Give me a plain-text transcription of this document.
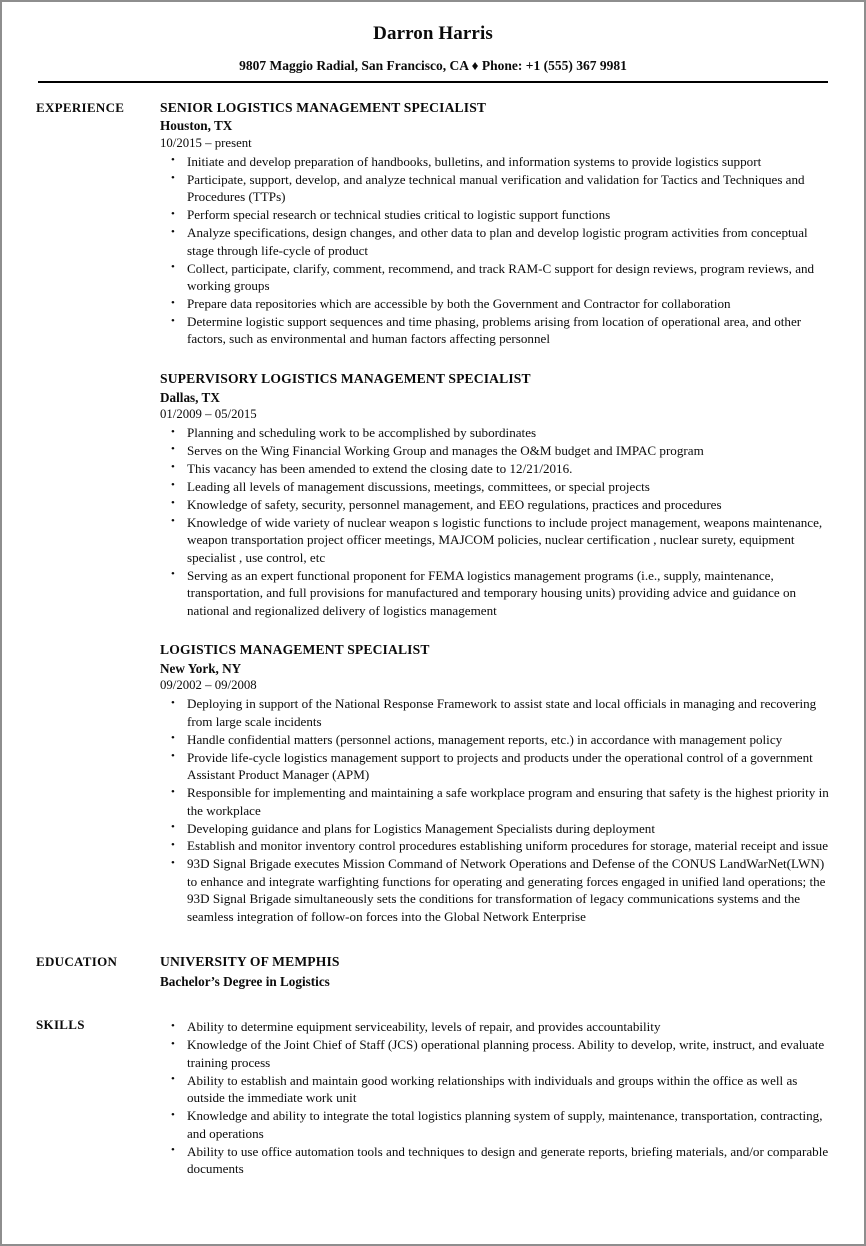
Darron Harris
9807 Maggio Radial, San Francisco, CA ♦ Phone: +1 (555) 367 9981
EXPERIENCE	SENIOR LOGISTICS MANAGEMENT SPECIALIST
Houston, TX
10/2015 – present
• Initiate and develop preparation of handbooks, bulletins, and information systems to provide logistics support
• Participate, support, develop, and analyze technical manual verification and validation for Tactics and Techniques and Procedures (TTPs)
• Perform special research or technical studies critical to logistic support functions
• Analyze specifications, design changes, and other data to plan and develop logistic program activities from conceptual stage through life-cycle of product
• Collect, participate, clarify, comment, recommend, and track RAM-C support for design reviews, program reviews, and working groups
• Prepare data repositories which are accessible by both the Government and Contractor for collaboration
• Determine logistic support sequences and time phasing, problems arising from location of operational area, and other factors, such as environmental and human factors affecting personnel
SUPERVISORY LOGISTICS MANAGEMENT SPECIALIST
Dallas, TX
01/2009 – 05/2015
• Planning and scheduling work to be accomplished by subordinates
• Serves on the Wing Financial Working Group and manages the O&M budget and IMPAC program
• This vacancy has been amended to extend the closing date to 12/21/2016.
• Leading all levels of management discussions, meetings, committees, or special projects
• Knowledge of safety, security, personnel management, and EEO regulations, practices and procedures
• Knowledge of wide variety of nuclear weapon s logistic functions to include project management, weapons maintenance, weapon transportation project officer meetings, MAJCOM policies, nuclear certification , nuclear surety, equipment specialist , use control, etc
• Serving as an expert functional proponent for FEMA logistics management programs (i.e., supply, maintenance, transportation, and full provisions for manufactured and temporary housing units) providing advice and guidance on national and regionalized delivery of logistics management
LOGISTICS MANAGEMENT SPECIALIST
New York, NY
09/2002 – 09/2008
• Deploying in support of the National Response Framework to assist state and local officials in managing and recovering from large scale incidents
• Handle confidential matters (personnel actions, management reports, etc.) in accordance with management policy
• Provide life-cycle logistics management support to projects and products under the operational control of a government Assistant Product Manager (APM)
• Responsible for implementing and maintaining a safe workplace program and ensuring that safety is the highest priority in the workplace
• Developing guidance and plans for Logistics Management Specialists during deployment
• Establish and monitor inventory control procedures establishing uniform procedures for storage, material receipt and issue
• 93D Signal Brigade executes Mission Command of Network Operations and Defense of the CONUS LandWarNet(LWN) to enhance and integrate warfighting functions for operating and generating forces engaged in unified land operations; the 93D Signal Brigade simultaneously sets the conditions for transformation of legacy communications systems and the seamless integration of follow-on forces into the Global Network Enterprise
EDUCATION	UNIVERSITY OF MEMPHIS
Bachelor’s Degree in Logistics
SKILLS	• Ability to determine equipment serviceability, levels of repair, and provides accountability
• Knowledge of the Joint Chief of Staff (JCS) operational planning process. Ability to develop, write, instruct, and evaluate training process
• Ability to establish and maintain good working relationships with individuals and groups within the office as well as outside the immediate work unit
• Knowledge and ability to integrate the total logistics planning system of supply, maintenance, transportation, contracting, and operations
• Ability to use office automation tools and techniques to design and generate reports, briefing materials, and/or comparable documents
